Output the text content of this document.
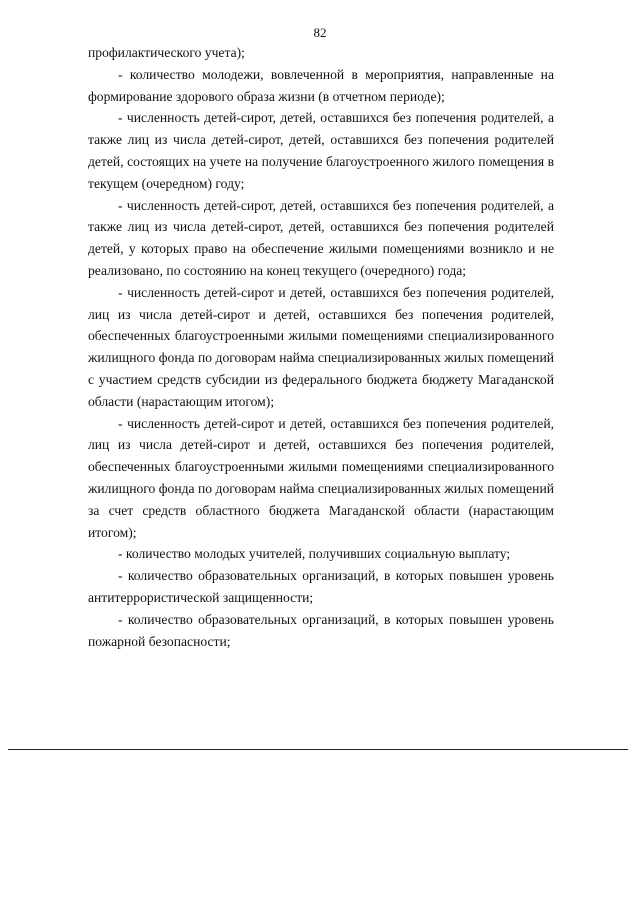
82

профилактического учета);

- количество молодежи, вовлеченной в мероприятия, направленные на формирование здорового образа жизни (в отчетном периоде);

- численность детей-сирот, детей, оставшихся без попечения родителей, а также лиц из числа детей-сирот, детей, оставшихся без попечения родителей детей, состоящих на учете на получение благоустроенного жилого помещения в текущем (очередном) году;

- численность детей-сирот, детей, оставшихся без попечения родителей, а также лиц из числа детей-сирот, детей, оставшихся без попечения родителей детей, у которых право на обеспечение жилыми помещениями возникло и не реализовано, по состоянию на конец текущего (очередного) года;

- численность детей-сирот и детей, оставшихся без попечения родителей, лиц из числа детей-сирот и детей, оставшихся без попечения родителей, обеспеченных благоустроенными жилыми помещениями специализированного жилищного фонда по договорам найма специализированных жилых помещений с участием средств субсидии из федерального бюджета бюджету Магаданской области (нарастающим итогом);

- численность детей-сирот и детей, оставшихся без попечения родителей, лиц из числа детей-сирот и детей, оставшихся без попечения родителей, обеспеченных благоустроенными жилыми помещениями специализированного жилищного фонда по договорам найма специализированных жилых помещений за счет средств областного бюджета Магаданской области (нарастающим итогом);

- количество молодых учителей, получивших социальную выплату;

- количество образовательных организаций, в которых повышен уровень антитеррористической защищенности;

- количество образовательных организаций, в которых повышен уровень пожарной безопасности;
